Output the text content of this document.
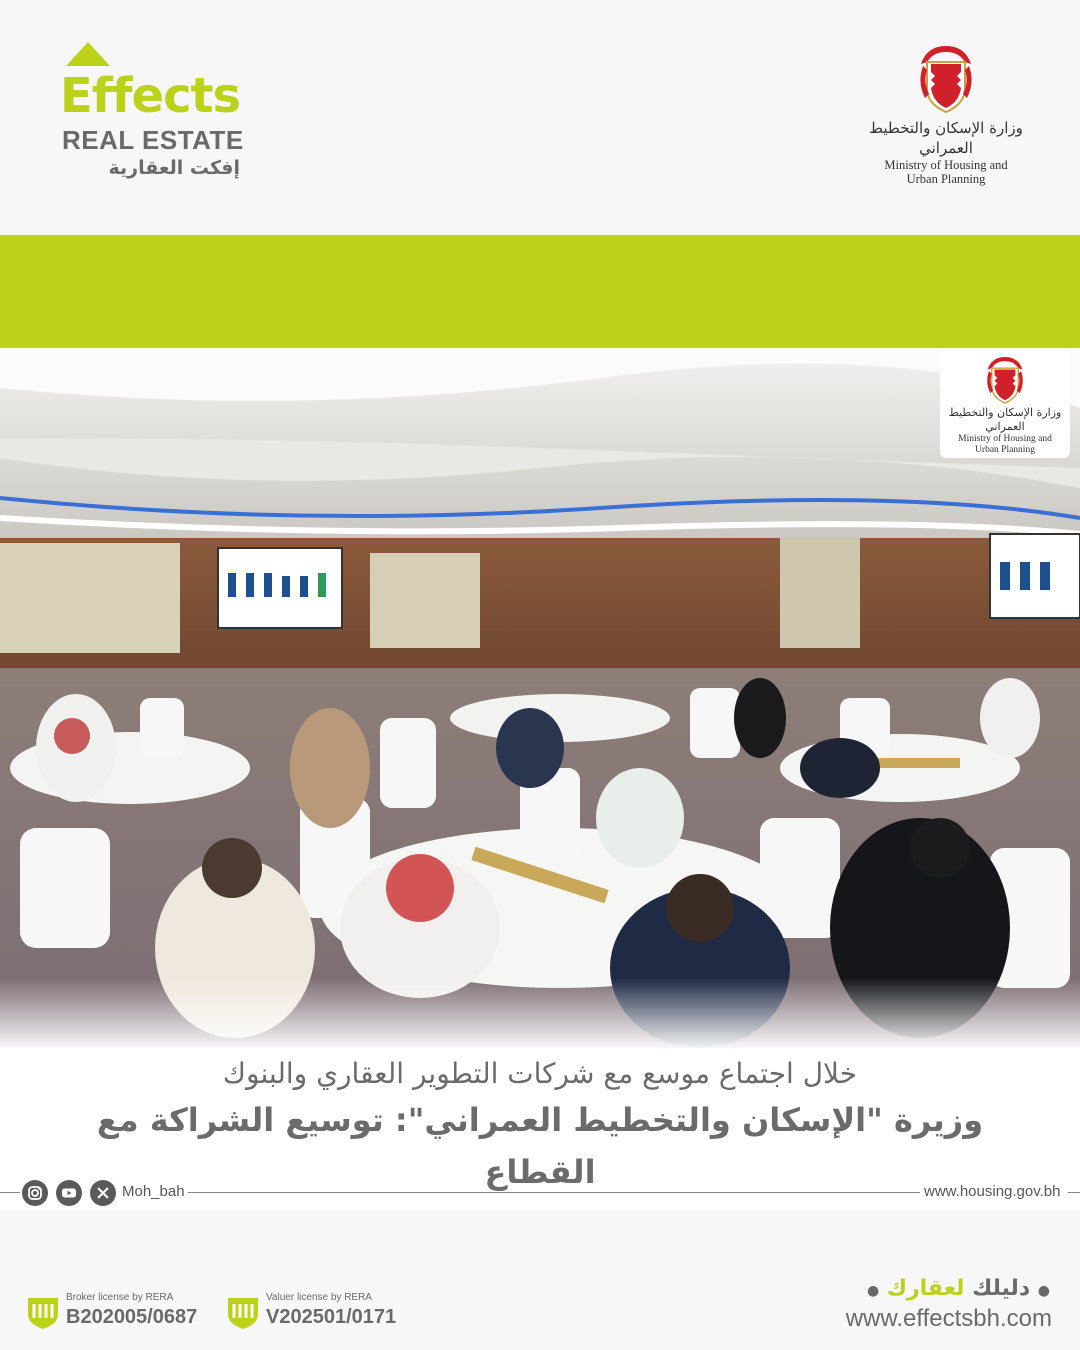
Effects
REAL ESTATE
إفكت العقارية
وزارة الإسكان والتخطيط العمراني
Ministry of Housing and
Urban Planning
وزارة الإسكان والتخطيط العمراني
Ministry of Housing and
Urban Planning
خلال اجتماع موسع مع شركات التطوير العقاري والبنوك
وزيرة "الإسكان والتخطيط العمراني": توسيع الشراكة مع القطاع
Moh_bah	www.housing.gov.bh
Broker license by RERA
B202005/0687
Valuer license by RERA
V202501/0171
● دليلك لعقارك ●
www.effectsbh.com
